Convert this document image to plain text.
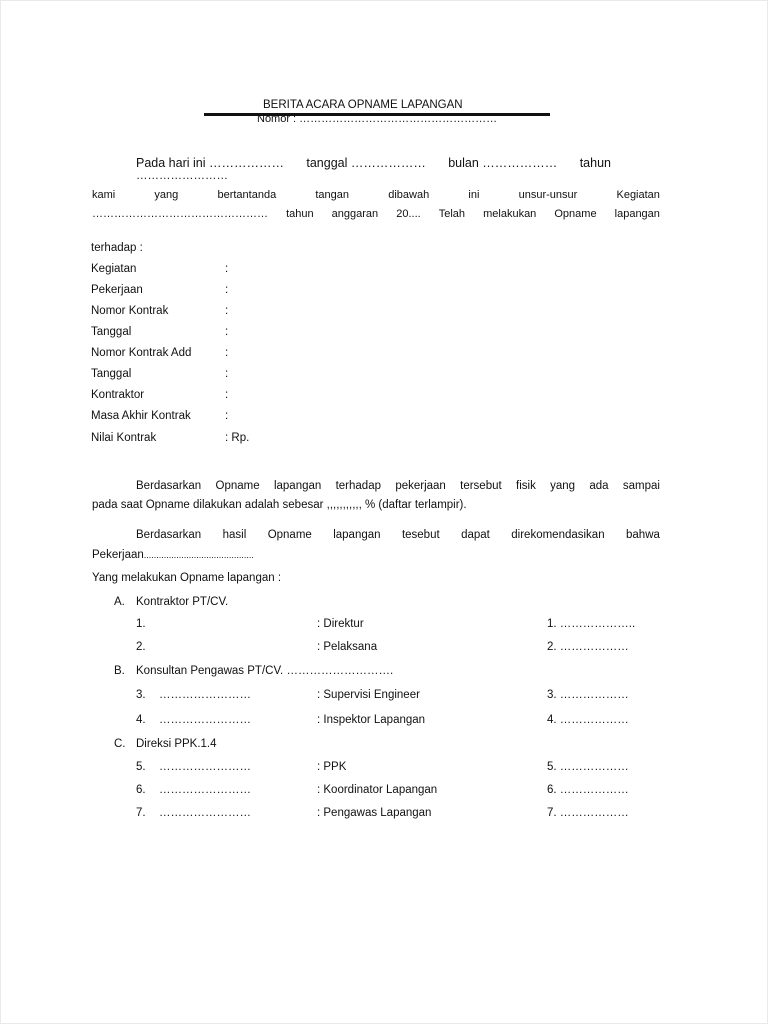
BERITA ACARA OPNAME LAPANGAN
Nomor : ………………………………………………
Pada hari ini ……………… tanggal ……………… bulan ……………… tahun
……………………
kami	yang	bertantanda	tangan	dibawah	ini	unsur-unsur	Kegiatan
………………………………………… tahun anggaran 20.... Telah melakukan Opname lapangan
terhadap :
Kegiatan	:
Pekerjaan	:
Nomor Kontrak	:
Tanggal	:
Nomor Kontrak Add	:
Tanggal	:
Kontraktor	:
Masa Akhir Kontrak	:
Nilai Kontrak	: Rp.
Berdasarkan Opname lapangan terhadap pekerjaan tersebut fisik yang ada sampai
pada saat Opname dilakukan adalah sebesar ,,,,,,,,,,, % (daftar terlampir).
Berdasarkan hasil Opname lapangan tesebut dapat direkomendasikan bahwa
Pekerjaan............................................
Yang melakukan Opname lapangan :
A. Kontraktor PT/CV.
1.	: Direktur	1. ………………..
2.	: Pelaksana	2. ………………
B. Konsultan Pengawas PT/CV. ……………………….
3. ……………………	: Supervisi Engineer	3. ………………
4. ……………………	: Inspektor Lapangan	4. ………………
C. Direksi PPK.1.4
5. ……………………	: PPK	5. ………………
6. ……………………	: Koordinator Lapangan	6. ………………
7. ……………………	: Pengawas Lapangan	7. ………………
